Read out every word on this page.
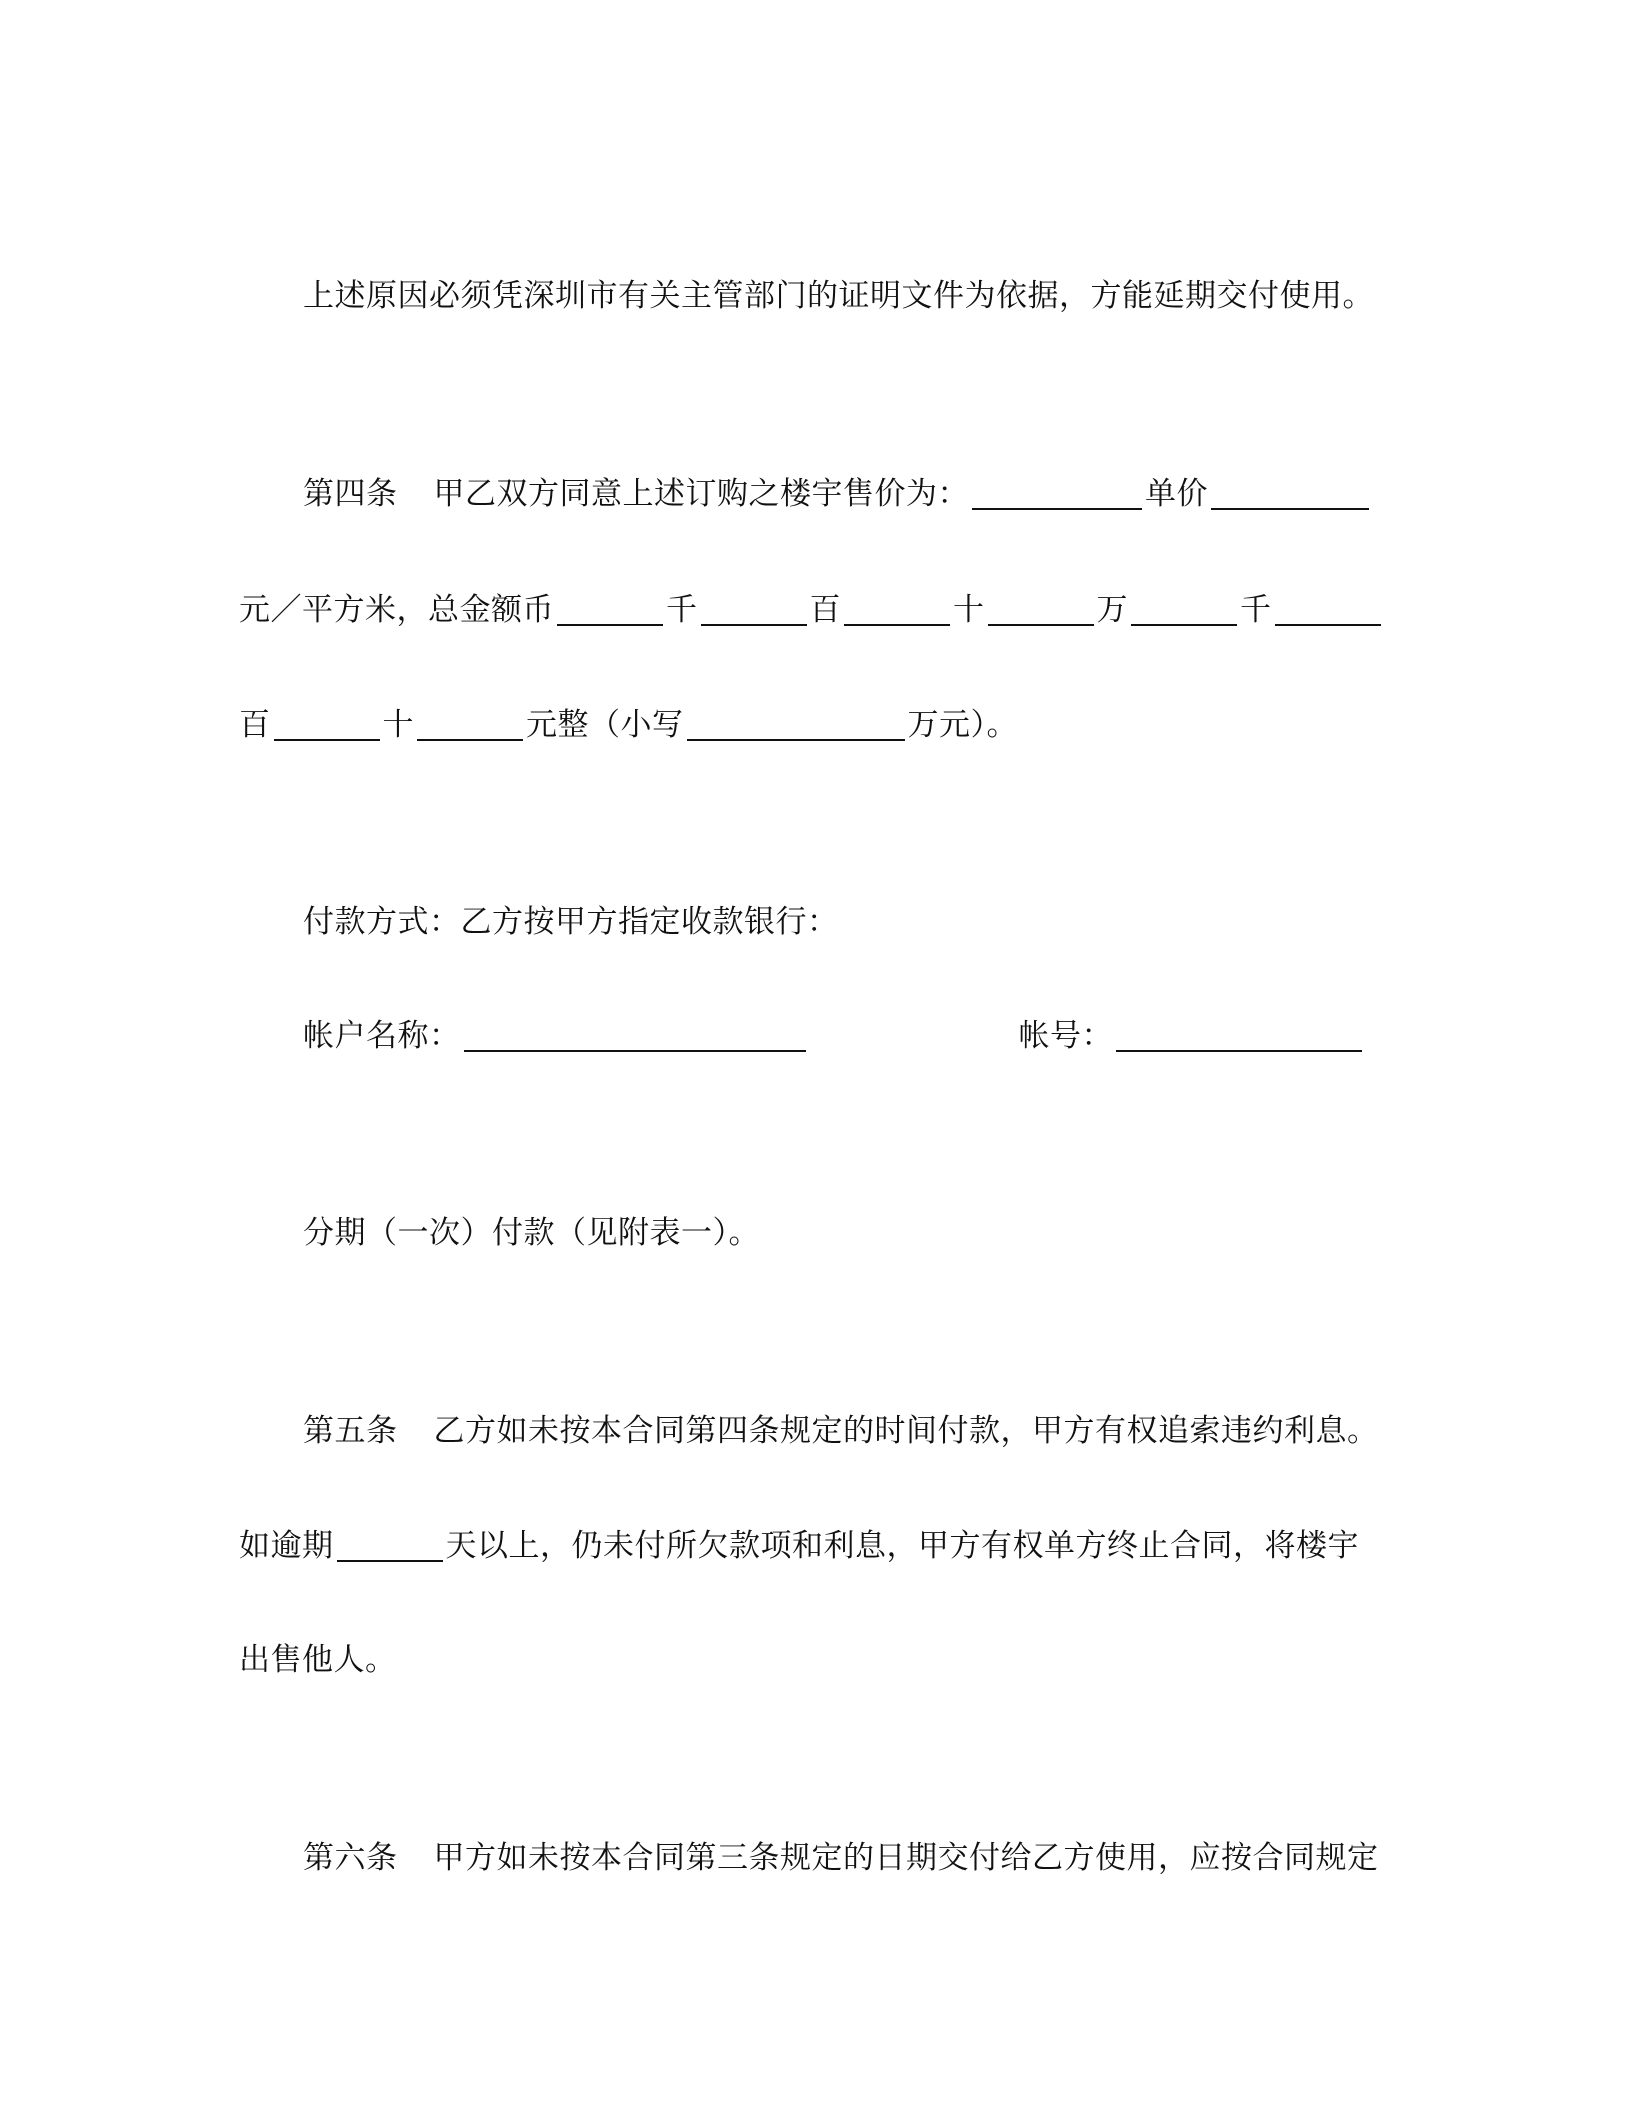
上述原因必须凭深圳市有关主管部门的证明文件为依据，方能延期交付使用。
第四条 甲乙双方同意上述订购之楼宇售价为：	单价
元／平方米，总金额币	千	百	十	万	千
百	十	元整（小写	万元）。
付款方式：乙方按甲方指定收款银行：
帐户名称：	帐号：
分期（一次）付款（见附表一）。
第五条 乙方如未按本合同第四条规定的时间付款，甲方有权追索违约利息。
如逾期	天以上，仍未付所欠款项和利息，甲方有权单方终止合同，将楼宇
出售他人。
第六条 甲方如未按本合同第三条规定的日期交付给乙方使用，应按合同规定
